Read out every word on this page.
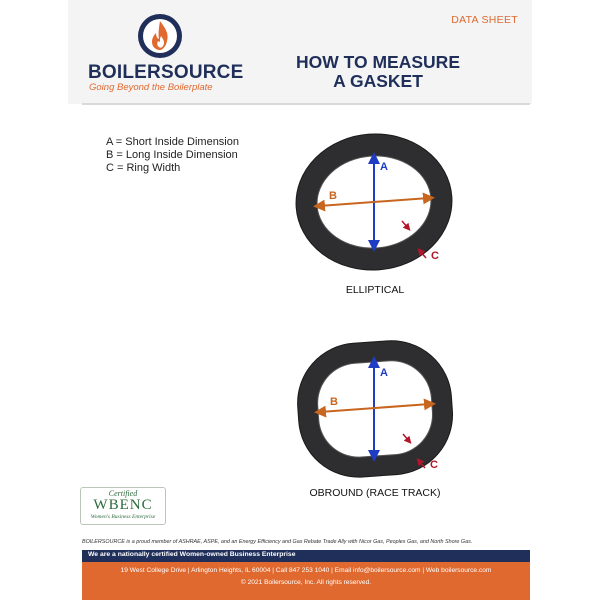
BOILERSOURCE
Going Beyond the Boilerplate
DATA SHEET
HOW TO MEASURE
A GASKET
A = Short Inside Dimension
B = Long Inside Dimension
C = Ring Width	A
B
C
ELLIPTICAL
A
B
C
OBROUND (RACE TRACK)
Certified
WBENC
Women's Business Enterprise
BOILERSOURCE is a proud member of ASHRAE, ASPE, and an Energy Efficiency and Gas Rebate Trade Ally with Nicor Gas, Peoples Gas, and North Shore Gas.
We are a nationally certified Women-owned Business Enterprise
19 West College Drive | Arlington Heights, IL 60004 | Call 847 253 1040 | Email info@boilersource.com | Web boilersource.com
© 2021 Boilersource, Inc. All rights reserved.
